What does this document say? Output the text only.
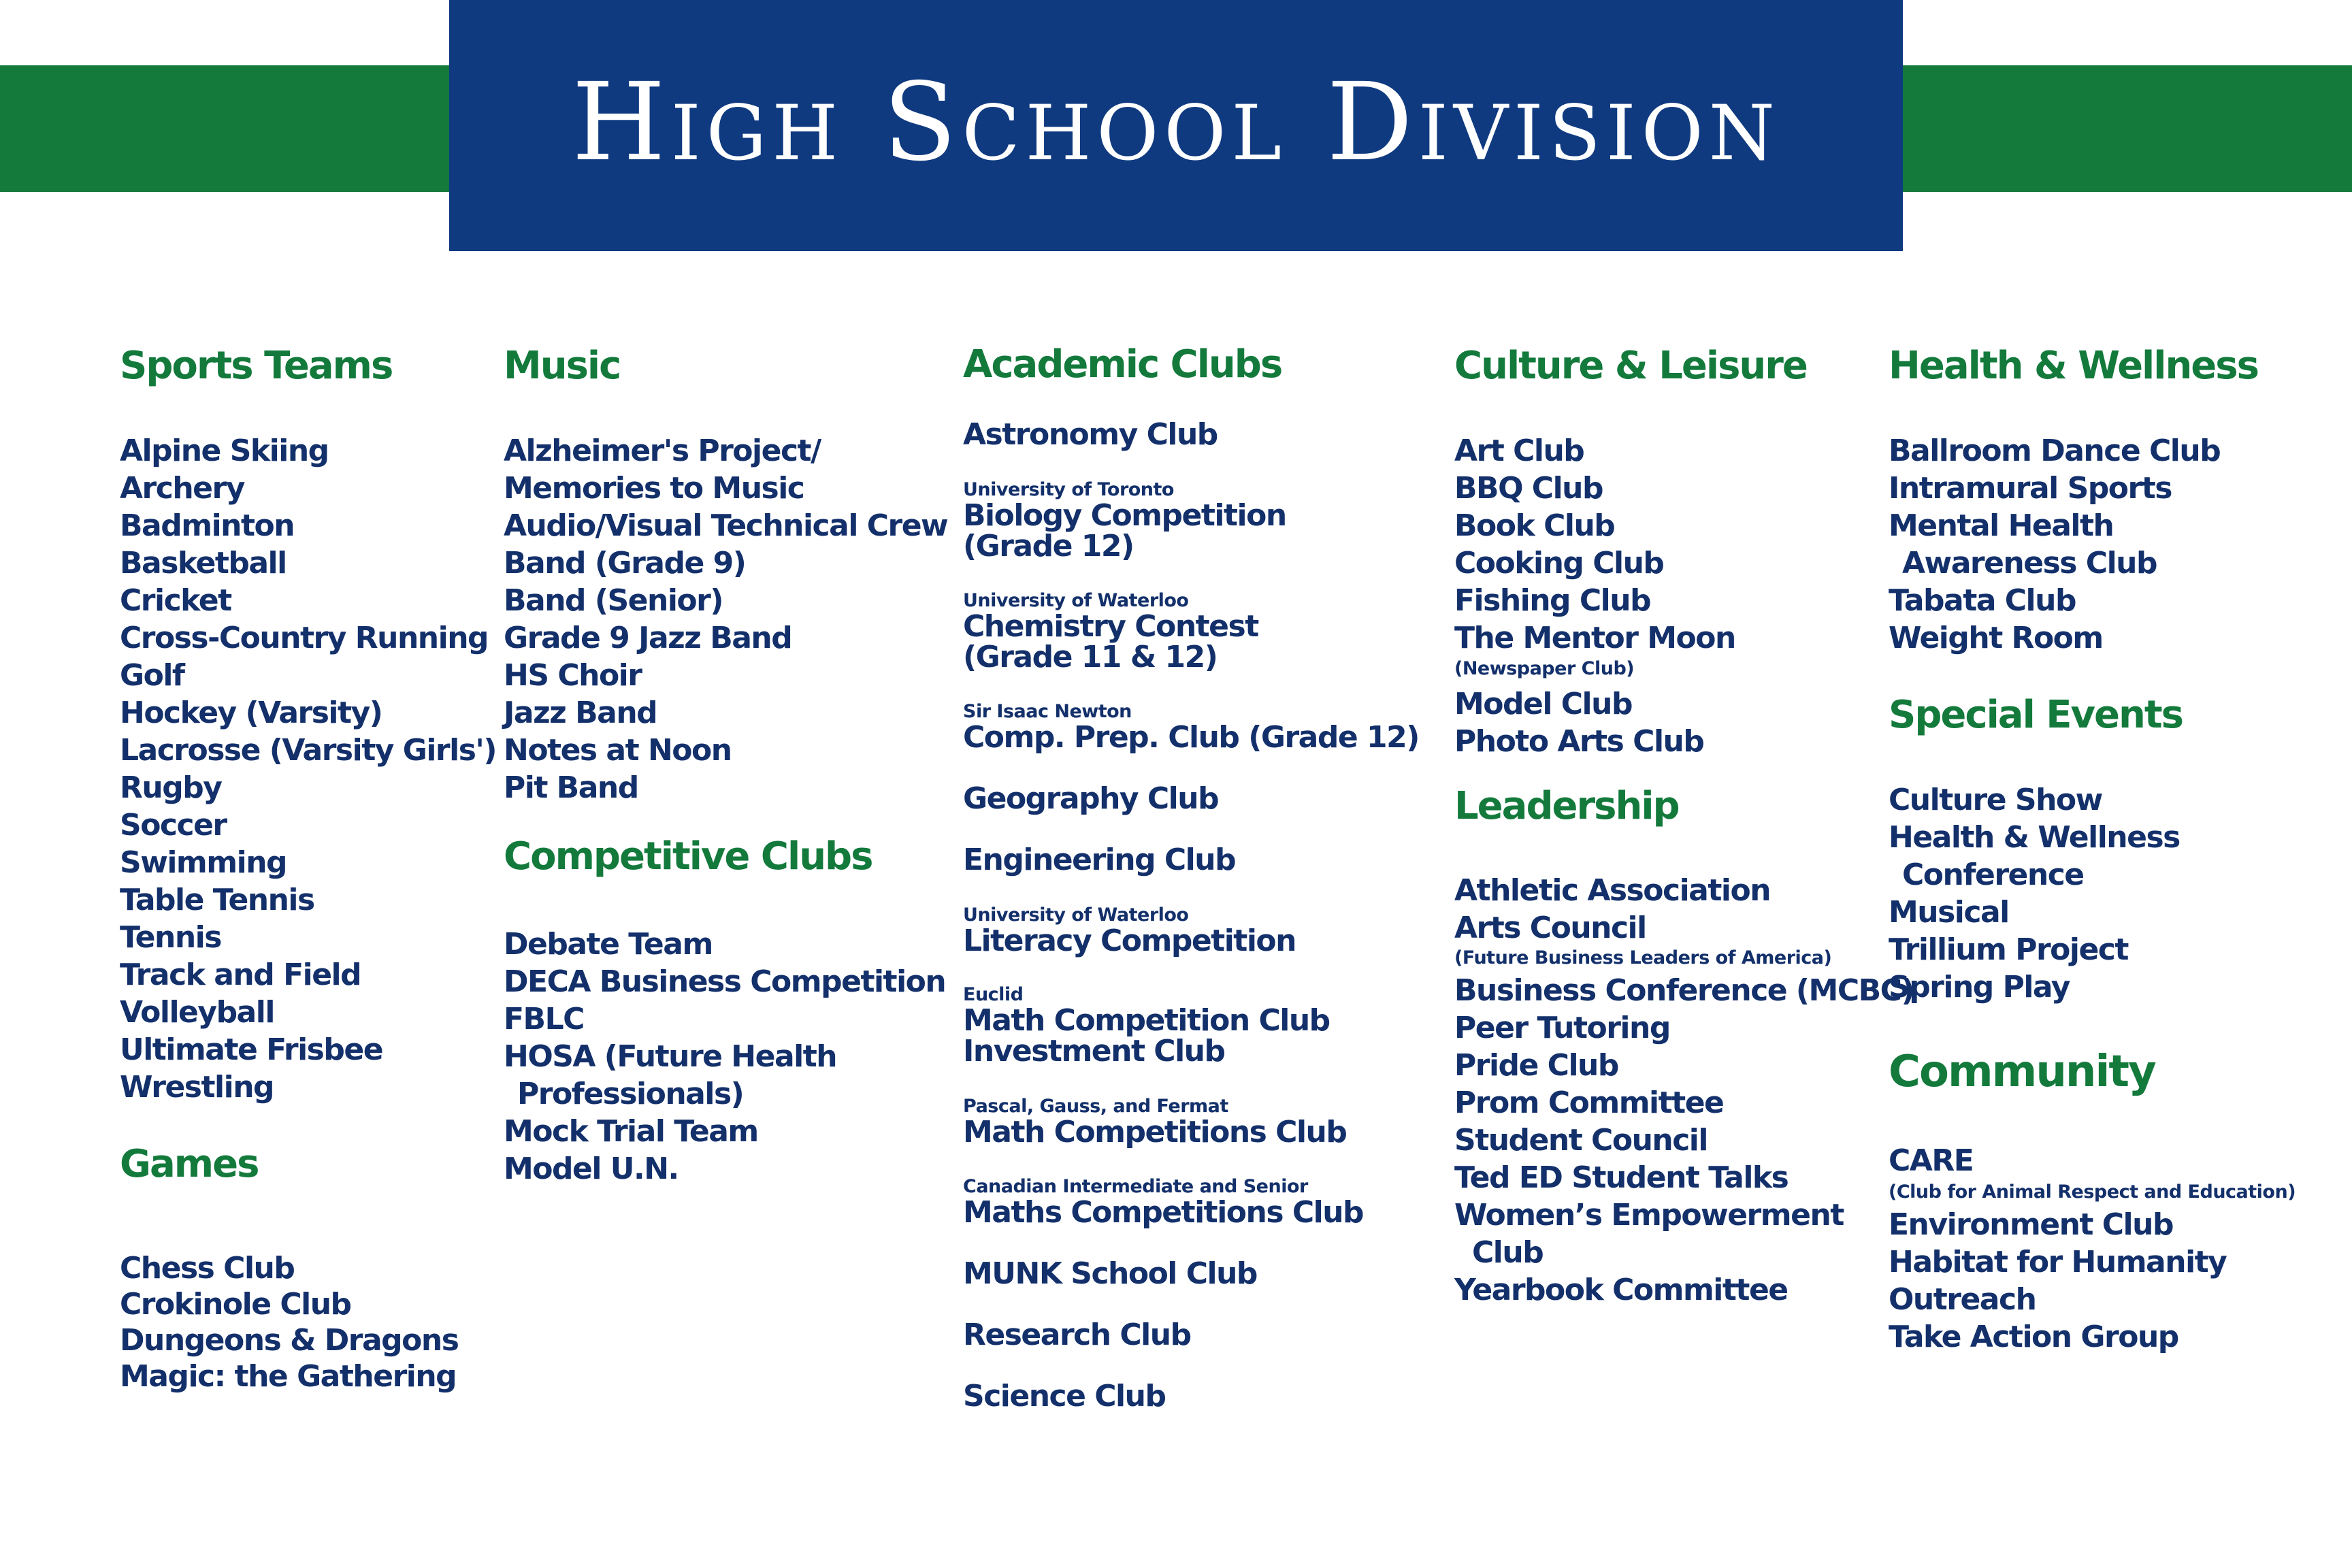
High School Division
Sports Teams
Alpine Skiing
Archery
Badminton
Basketball
Cricket
Cross-Country Running
Golf
Hockey (Varsity)
Lacrosse (Varsity Girls')
Rugby
Soccer
Swimming
Table Tennis
Tennis
Track and Field
Volleyball
Ultimate Frisbee
Wrestling
Games
Chess Club
Crokinole Club
Dungeons & Dragons
Magic: the Gathering
Music
Alzheimer's Project/
Memories to Music
Audio/Visual Technical Crew
Band (Grade 9)
Band (Senior)
Grade 9 Jazz Band
HS Choir
Jazz Band
Notes at Noon
Pit Band
Competitive Clubs
Debate Team
DECA Business Competition
FBLC
HOSA (Future Health
Professionals)
Mock Trial Team
Model U.N.
Academic Clubs
Astronomy Club
University of Toronto
Biology Competition
(Grade 12)
University of Waterloo
Chemistry Contest
(Grade 11 & 12)
Sir Isaac Newton
Comp. Prep. Club (Grade 12)
Geography Club
Engineering Club
University of Waterloo
Literacy Competition
Euclid
Math Competition Club
Investment Club
Pascal, Gauss, and Fermat
Math Competitions Club
Canadian Intermediate and Senior
Maths Competitions Club
MUNK School Club
Research Club
Science Club
Culture & Leisure
Art Club
BBQ Club
Book Club
Cooking Club
Fishing Club
The Mentor Moon
(Newspaper Club)
Model Club
Photo Arts Club
Leadership
Athletic Association
Arts Council
(Future Business Leaders of America)
Business Conference (MCBC)
Peer Tutoring
Pride Club
Prom Committee
Student Council
Ted ED Student Talks
Women’s Empowerment
Club
Yearbook Committee
Health & Wellness
Ballroom Dance Club
Intramural Sports
Mental Health
Awareness Club
Tabata Club
Weight Room
Special Events
Culture Show
Health & Wellness
Conference
Musical
Trillium Project
Spring Play
Community
CARE
(Club for Animal Respect and Education)
Environment Club
Habitat for Humanity
Outreach
Take Action Group
